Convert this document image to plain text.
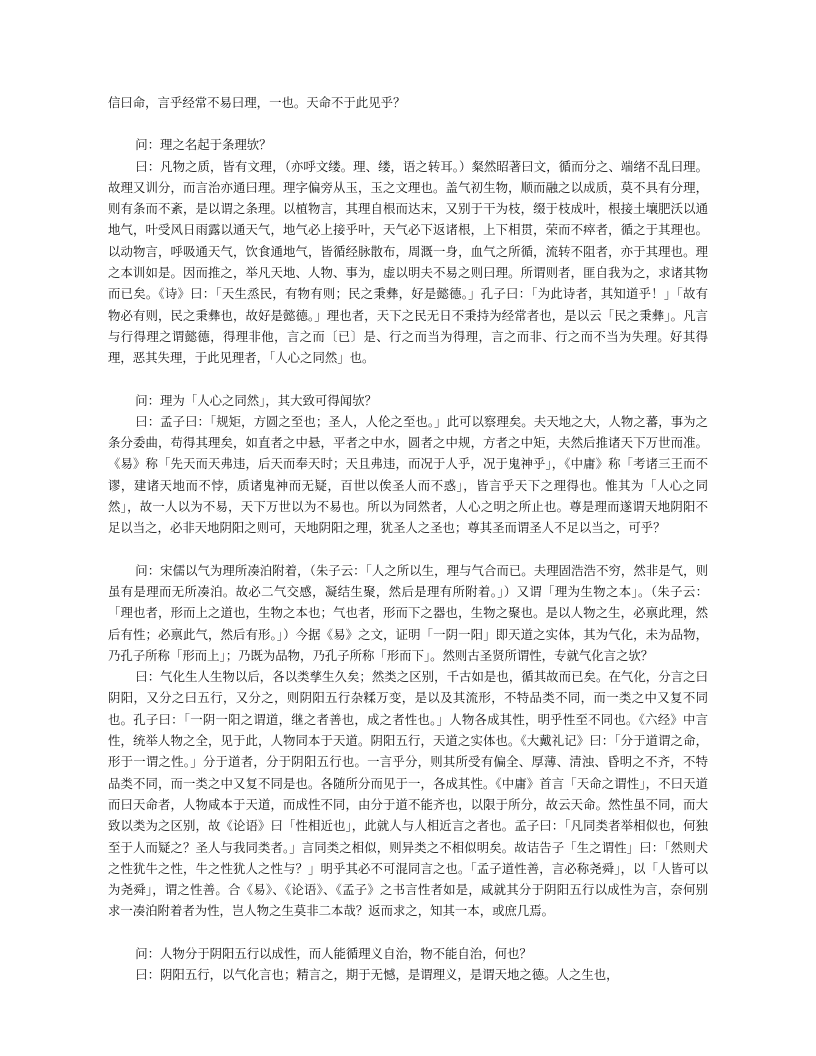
信曰命，言乎经常不易曰理，一也。天命不于此见乎？

问：理之名起于条理欤？

曰：凡物之质，皆有文理，（亦呼文缕。理、缕，语之转耳。）粲然昭著曰文，循而分之、端绪不乱曰理。故理又训分，而言治亦通曰理。理字偏旁从玉，玉之文理也。盖气初生物，顺而融之以成质，莫不具有分理，则有条而不紊，是以谓之条理。以植物言，其理自根而达末，又别于干为枝，缀于枝成叶，根接土壤肥沃以通地气，叶受风日雨露以通天气，地气必上接乎叶，天气必下返诸根，上下相贯，荣而不瘁者，循之于其理也。以动物言，呼吸通天气，饮食通地气，皆循经脉散布，周溉一身，血气之所循，流转不阻者，亦于其理也。理之本训如是。因而推之，举凡天地、人物、事为，虚以明夫不易之则曰理。所谓则者，匪自我为之，求诸其物而已矣。《诗》曰：「天生烝民，有物有则；民之秉彝，好是懿德。」孔子曰：「为此诗者，其知道乎！」「故有物必有则，民之秉彝也，故好是懿德。」理也者，天下之民无日不秉持为经常者也，是以云「民之秉彝」。凡言与行得理之谓懿德，得理非他，言之而〔已〕是、行之而当为得理，言之而非、行之而不当为失理。好其得理，恶其失理，于此见理者，「人心之同然」也。

问：理为「人心之同然」，其大致可得闻欤？

曰：孟子曰：「规矩，方圆之至也；圣人，人伦之至也。」此可以察理矣。夫天地之大，人物之蕃，事为之条分委曲，苟得其理矣，如直者之中悬，平者之中水，圆者之中规，方者之中矩，夫然后推诸天下万世而准。《易》称「先天而天弗违，后天而奉天时；天且弗违，而况于人乎，况于鬼神乎」，《中庸》称「考诸三王而不谬，建诸天地而不悖，质诸鬼神而无疑，百世以俟圣人而不惑」，皆言乎天下之理得也。惟其为「人心之同然」，故一人以为不易，天下万世以为不易也。所以为同然者，人心之明之所止也。尊是理而遂谓天地阴阳不足以当之，必非天地阴阳之则可，天地阴阳之理，犹圣人之圣也；尊其圣而谓圣人不足以当之，可乎？

问：宋儒以气为理所凑泊附着，（朱子云：「人之所以生，理与气合而已。夫理固浩浩不穷，然非是气，则虽有是理而无所凑泊。故必二气交感，凝结生聚，然后是理有所附着。」）又谓「理为生物之本」。（朱子云：「理也者，形而上之道也，生物之本也；气也者，形而下之器也，生物之聚也。是以人物之生，必禀此理，然后有性；必禀此气，然后有形。」）今据《易》之文，证明「一阴一阳」即天道之实体，其为气化，未为品物，乃孔子所称「形而上」；乃既为品物，乃孔子所称「形而下」。然则古圣贤所谓性，专就气化言之欤？

曰：气化生人生物以后，各以类孳生久矣；然类之区别，千古如是也，循其故而已矣。在气化，分言之曰阴阳，又分之曰五行，又分之，则阴阳五行杂糅万变，是以及其流形，不特品类不同，而一类之中又复不同也。孔子曰：「一阴一阳之谓道，继之者善也，成之者性也。」人物各成其性，明乎性至不同也。《六经》中言性，统举人物之全，见于此，人物同本于天道。阴阳五行，天道之实体也。《大戴礼记》曰：「分于道谓之命，形于一谓之性。」分于道者，分于阴阳五行也。一言乎分，则其所受有偏全、厚薄、清浊、昏明之不齐，不特品类不同，而一类之中又复不同是也。各随所分而见于一，各成其性。《中庸》首言「天命之谓性」，不曰天道而曰天命者，人物咸本于天道，而成性不同，由分于道不能齐也，以限于所分，故云天命。然性虽不同，而大致以类为之区别，故《论语》曰「性相近也」，此就人与人相近言之者也。孟子曰：「凡同类者举相似也，何独至于人而疑之？圣人与我同类者。」言同类之相似，则异类之不相似明矣。故诘告子「生之谓性」曰：「然则犬之性犹牛之性，牛之性犹人之性与？」明乎其必不可混同言之也。「孟子道性善，言必称尧舜」，以「人皆可以为尧舜」，谓之性善。合《易》、《论语》、《孟子》之书言性者如是，咸就其分于阴阳五行以成性为言，奈何别求一凑泊附着者为性，岂人物之生莫非二本哉？返而求之，知其一本，或庶几焉。

问：人物分于阴阳五行以成性，而人能循理义自治，物不能自治，何也？

曰：阴阳五行，以气化言也；精言之，期于无憾，是谓理义，是谓天地之德。人之生也，
